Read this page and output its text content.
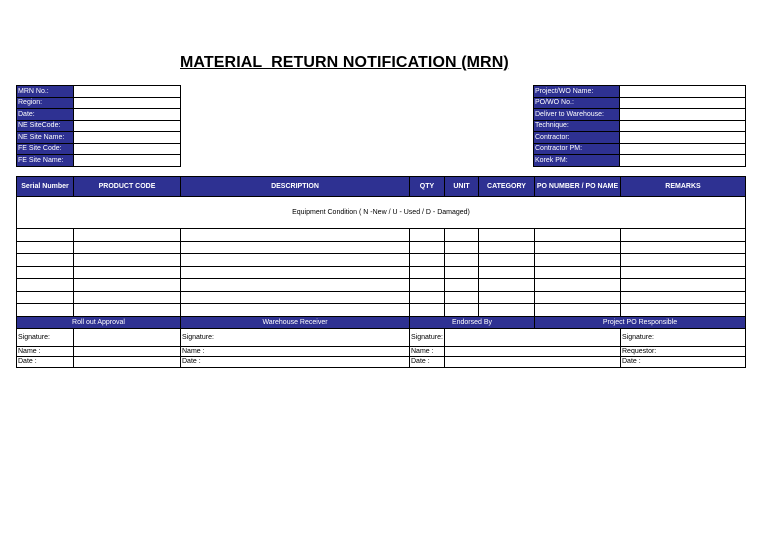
MATERIAL  RETURN NOTIFICATION (MRN)
MRN No.:	
Region:	
Date:	
NE SiteCode:	
NE Site Name:	
FE Site Code:	
FE Site Name:	
Project/WO Name:	
PO/WO No.:	
Deliver to Warehouse:	
Technique:	
Contractor:	
Contractor PM:	
Korek PM:	
Serial Number	PRODUCT CODE	DESCRIPTION	QTY	UNIT	CATEGORY	PO NUMBER / PO NAME	REMARKS
Equipment Condition ( N -New / U - Used / D - Damaged)							

Roll out Approval		Warehouse Receiver	Endorsed By			Project PO Responsible	
Signature:		Signature:	Signature:				Signature:
Name :		Name :	Name :				Requestor:
Date :		Date :	Date :				Date :
